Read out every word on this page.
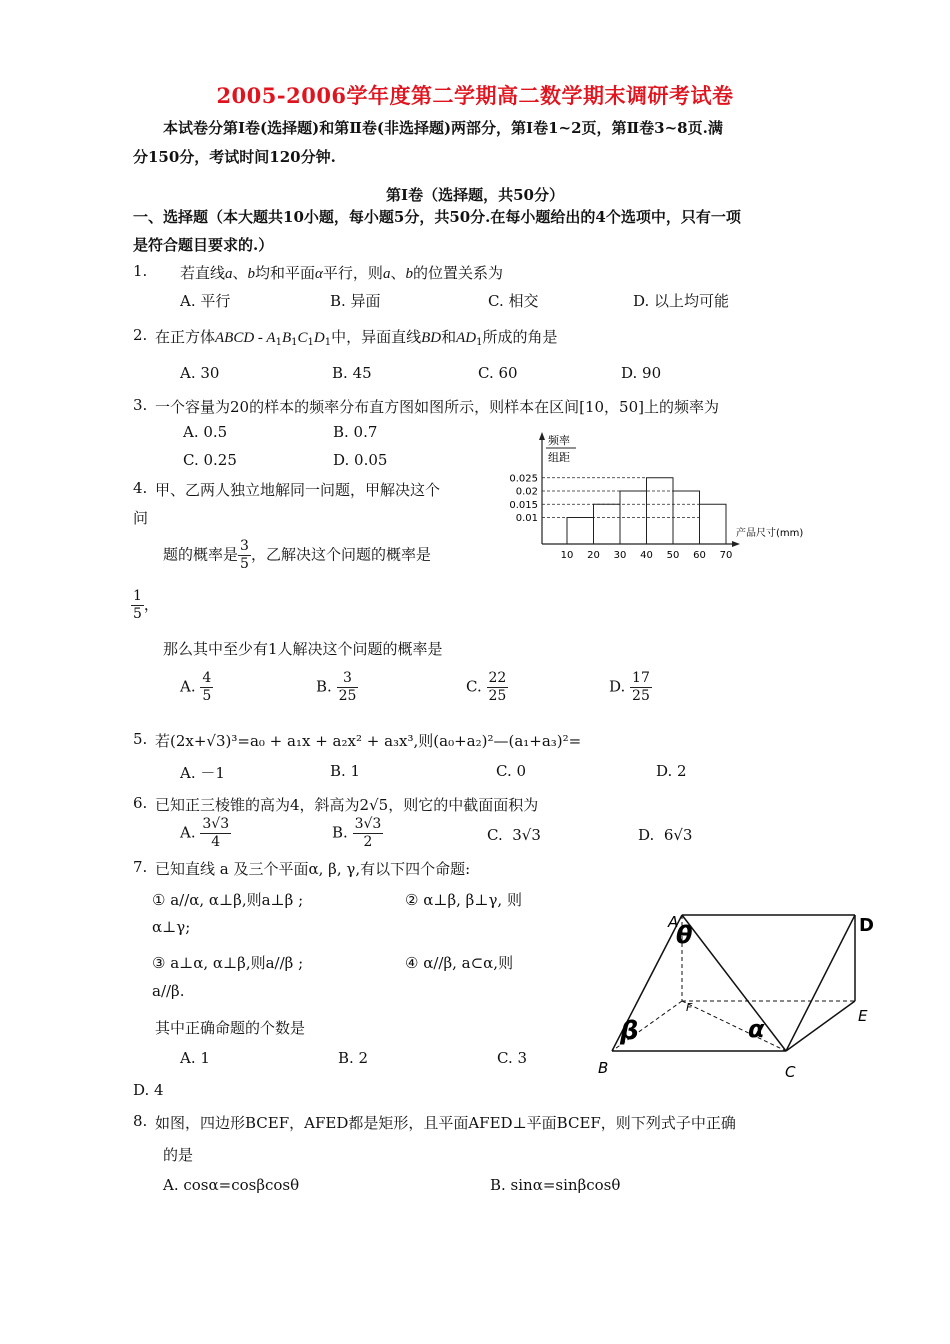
2005-2006学年度第二学期高二数学期末调研考试卷
本试卷分第Ⅰ卷(选择题)和第Ⅱ卷(非选择题)两部分，第Ⅰ卷1~2页，第Ⅱ卷3~8页.满
分150分，考试时间120分钟.
第Ⅰ卷（选择题，共50分）
一、选择题（本大题共10小题，每小题5分，共50分.在每小题给出的4个选项中，只有一项
是符合题目要求的.）
1. 若直线a、b均和平面α平行，则a、b的位置关系为
A. 平行	B. 异面	C. 相交	D. 以上均可能
2. 在正方体ABCD - $A_1B_1C_1D_1$中，异面直线BD和$AD_1$所成的角是
A. 30	B. 45	C. 60	D. 90
3. 一个容量为20的样本的频率分布直方图如图所示，则样本在区间[10，50]上的频率为
A. 0.5	B. 0.7
C. 0.25	D. 0.05
频率
组距
0.01
0.015
0.02
0.025
10 20 30 40 50 60 70
产品尺寸(mm)
4. 甲、乙两人独立地解同一问题，甲解决这个
问
题的概率是 $\frac{3}{5}$ ，乙解决这个问题的概率是
$\frac{1}{5}$ ，
那么其中至少有1人解决这个问题的概率是
A. $\frac{4}{5}$	B. $\frac{3}{25}$	C. $\frac{22}{25}$	D. $\frac{17}{25}$
5. 若(2x+√3)³=a₀ + a₁x + a₂x² + a₃x³,则(a₀+a₂)²—(a₁+a₃)²=
A. －1	B. 1	C. 0	D. 2
6. 已知正三棱锥的高为4，斜高为2√5，则它的中截面面积为
A. $\frac{3√3}{4}$	B. $\frac{3√3}{2}$	C. 3√3	D. 6√3
7. 已知直线 a 及三个平面α, β, γ,有以下四个命题:
① a//α, α⊥β,则a⊥β ;	② α⊥β, β⊥γ, 则
α⊥γ;
③ a⊥α, α⊥β,则a//β ;	④ α//β, a⊂α,则
a//β.
其中正确命题的个数是
A. 1	B. 2	C. 3
D. 4
A	D
E
F
B	C
θ
β	α
8. 如图，四边形BCEF，AFED都是矩形，且平面AFED⊥平面BCEF，则下列式子中正确
的是
A. cosα=cosβcosθ	B. sinα=sinβcosθ
